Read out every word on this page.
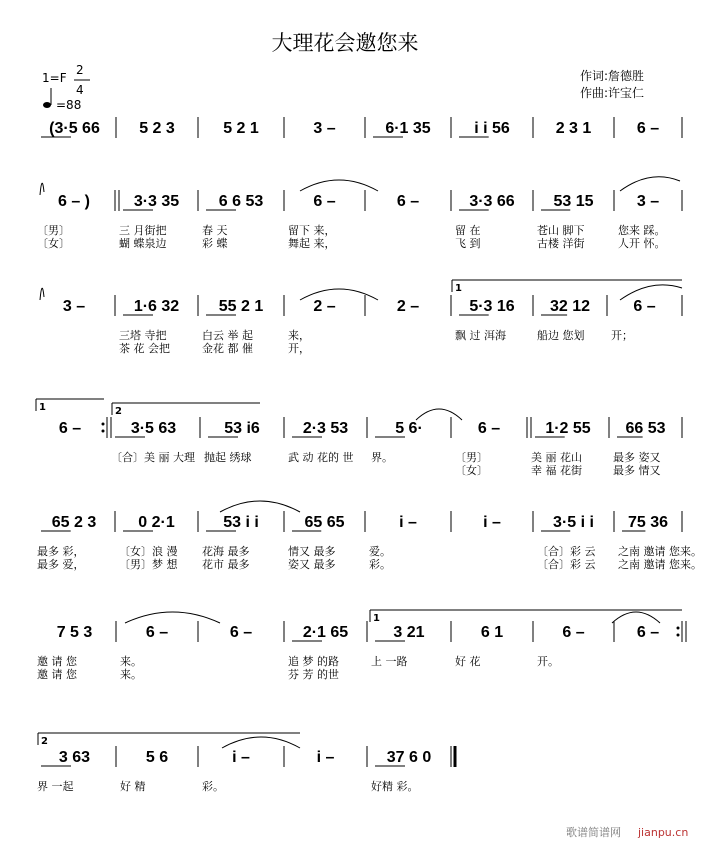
大理花会邀您来
1=F
2
4
=88
作词:詹德胜
作曲:许宝仁
(3·5 66 5 2 3	5 2 1	3 –	6·1 35	i i 56	2 3 1	6 –
6 – )	3·3 35 6 6 53	6 –	6 –	3·3 66 53 15	3 –
〔男〕	三 月街把	春 天	留下 来，	留 在	苍山 脚下	您来 踩。
〔女〕	蝴 蝶泉边	彩 蝶	舞起 来，	飞 到	古楼 洋街	人开 怀。
3 –	1·6 32 55 2 1	2 –	2 –	5·3 16 32 12	6 –
三塔 寺把	白云 举 起	来，	飘 过 洱海	船边 您划 开；
茶 花 会把	金花 都 催	开，
6 –	3·5 63	53 i6	2·3 53	5 6·	6 –	1·2 55 66 53
〔合〕美 丽 大理 抛起 绣球	武 动 花的 世 界。	〔男〕	美 丽 花山	最多 姿又
〔女〕	幸 福 花街	最多 情又
65 2 3	0 2·1	53 i i	65 65	i –	i –	3·5 i i 75 36
最多 彩，	〔女〕浪 漫 花海 最多	情又 最多	爱。	〔合〕彩 云 之南 邀请 您来。
最多 爱，	〔男〕梦 想 花市 最多	姿又 最多	彩。	〔合〕彩 云 之南 邀请 您来。
7 5 3	6 –	6 –	2·1 65	3 21	6 1	6 –	6 –
邀 请 您	来。	追 梦 的路	上 一路	好 花	开。
邀 请 您	来。	芬 芳 的世
3 63	5 6	i –	i –	37 6 0
界 一起	好 精	彩。	好精 彩。
1
1	2
1
2
歌谱简谱网 jianpu.cn
